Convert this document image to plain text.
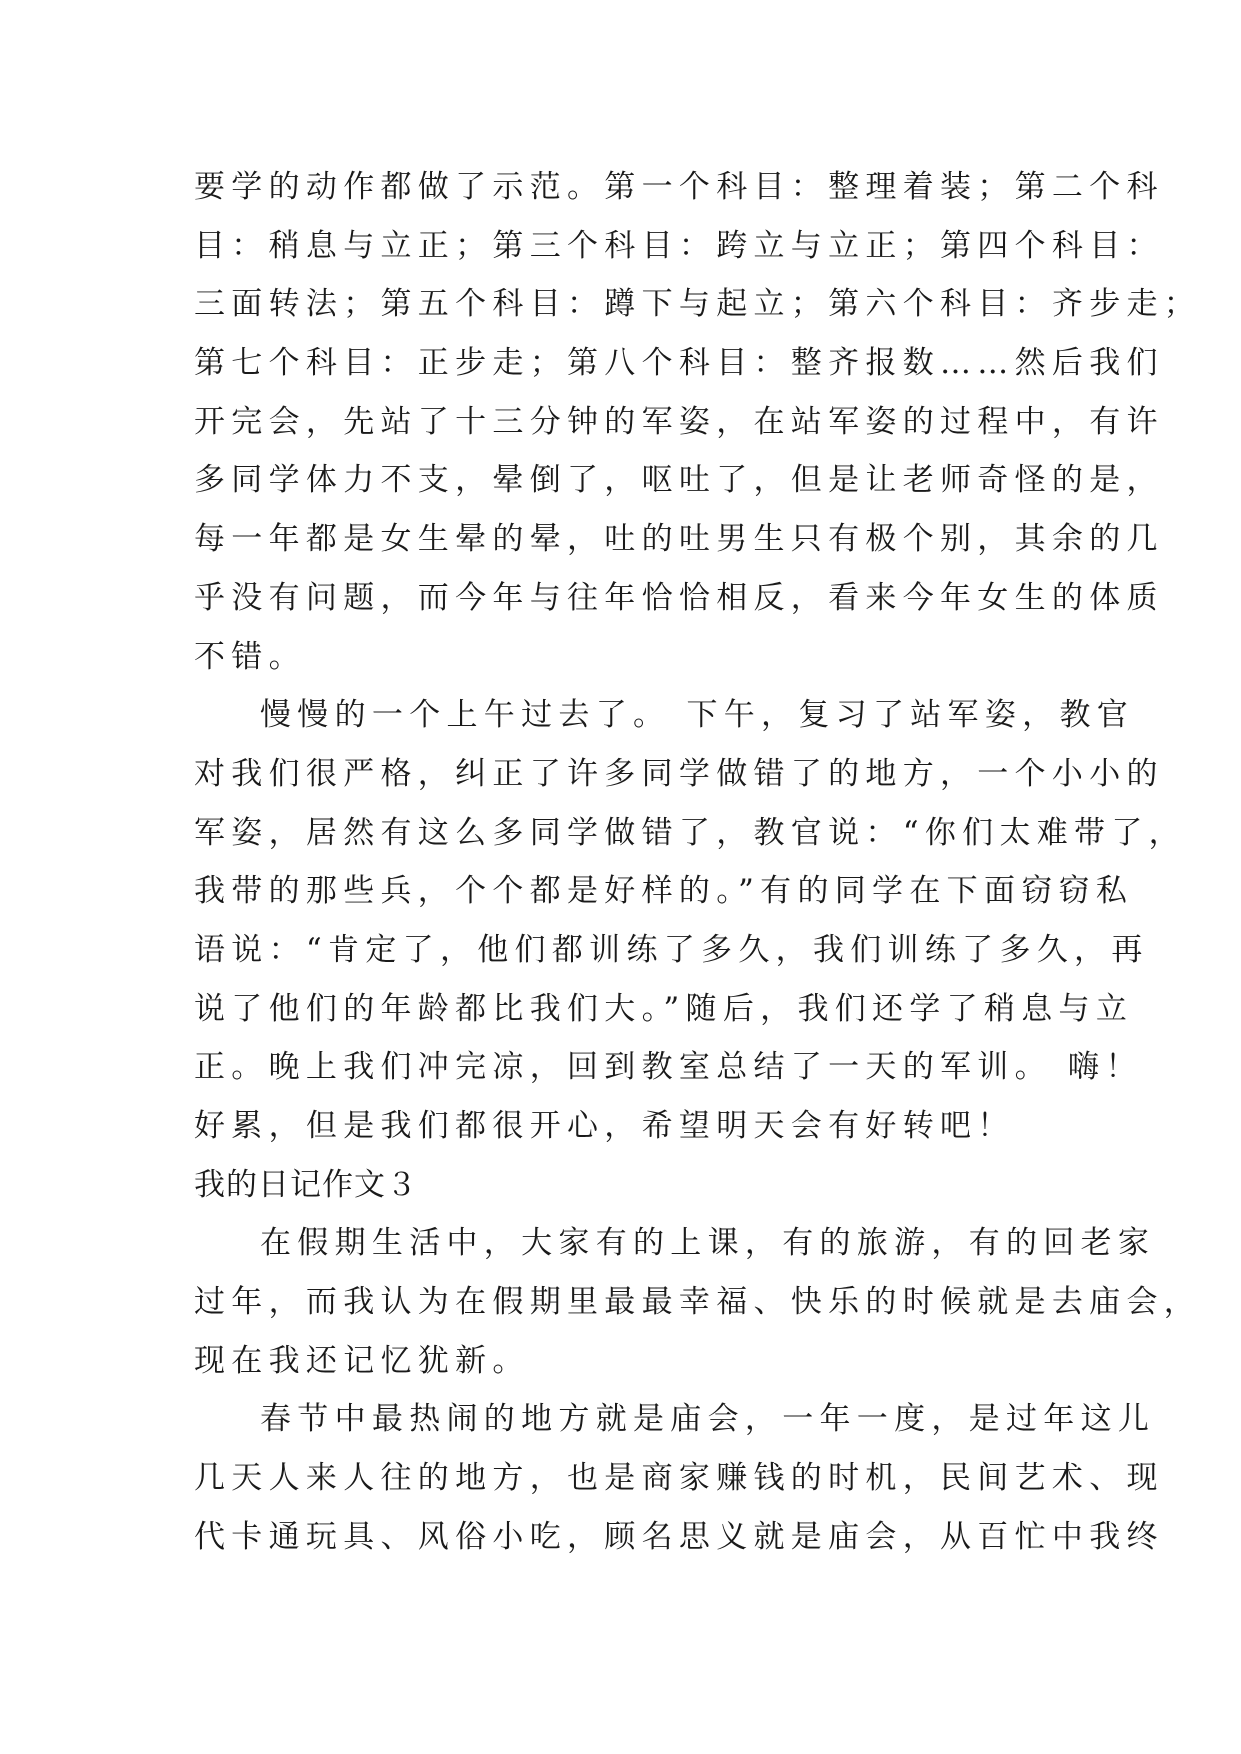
要学的动作都做了示范。第一个科目：整理着装；第二个科
目：稍息与立正；第三个科目：跨立与立正；第四个科目：
三面转法；第五个科目：蹲下与起立；第六个科目：齐步走；
第七个科目：正步走；第八个科目：整齐报数……然后我们
开完会，先站了十三分钟的军姿，在站军姿的过程中，有许
多同学体力不支，晕倒了，呕吐了，但是让老师奇怪的是，
每一年都是女生晕的晕，吐的吐男生只有极个别，其余的几
乎没有问题，而今年与往年恰恰相反，看来今年女生的体质
不错。
慢慢的一个上午过去了。 下午，复习了站军姿，教官
对我们很严格，纠正了许多同学做错了的地方，一个小小的
军姿，居然有这么多同学做错了，教官说：“你们太难带了，
我带的那些兵，个个都是好样的。”有的同学在下面窃窃私
语说：“肯定了，他们都训练了多久，我们训练了多久，再
说了他们的年龄都比我们大。”随后，我们还学了稍息与立
正。晚上我们冲完凉，回到教室总结了一天的军训。 嗨！
好累，但是我们都很开心，希望明天会有好转吧！
我的日记作文３
在假期生活中，大家有的上课，有的旅游，有的回老家
过年，而我认为在假期里最最幸福、快乐的时候就是去庙会，
现在我还记忆犹新。
春节中最热闹的地方就是庙会，一年一度，是过年这儿
几天人来人往的地方，也是商家赚钱的时机，民间艺术、现
代卡通玩具、风俗小吃，顾名思义就是庙会，从百忙中我终
